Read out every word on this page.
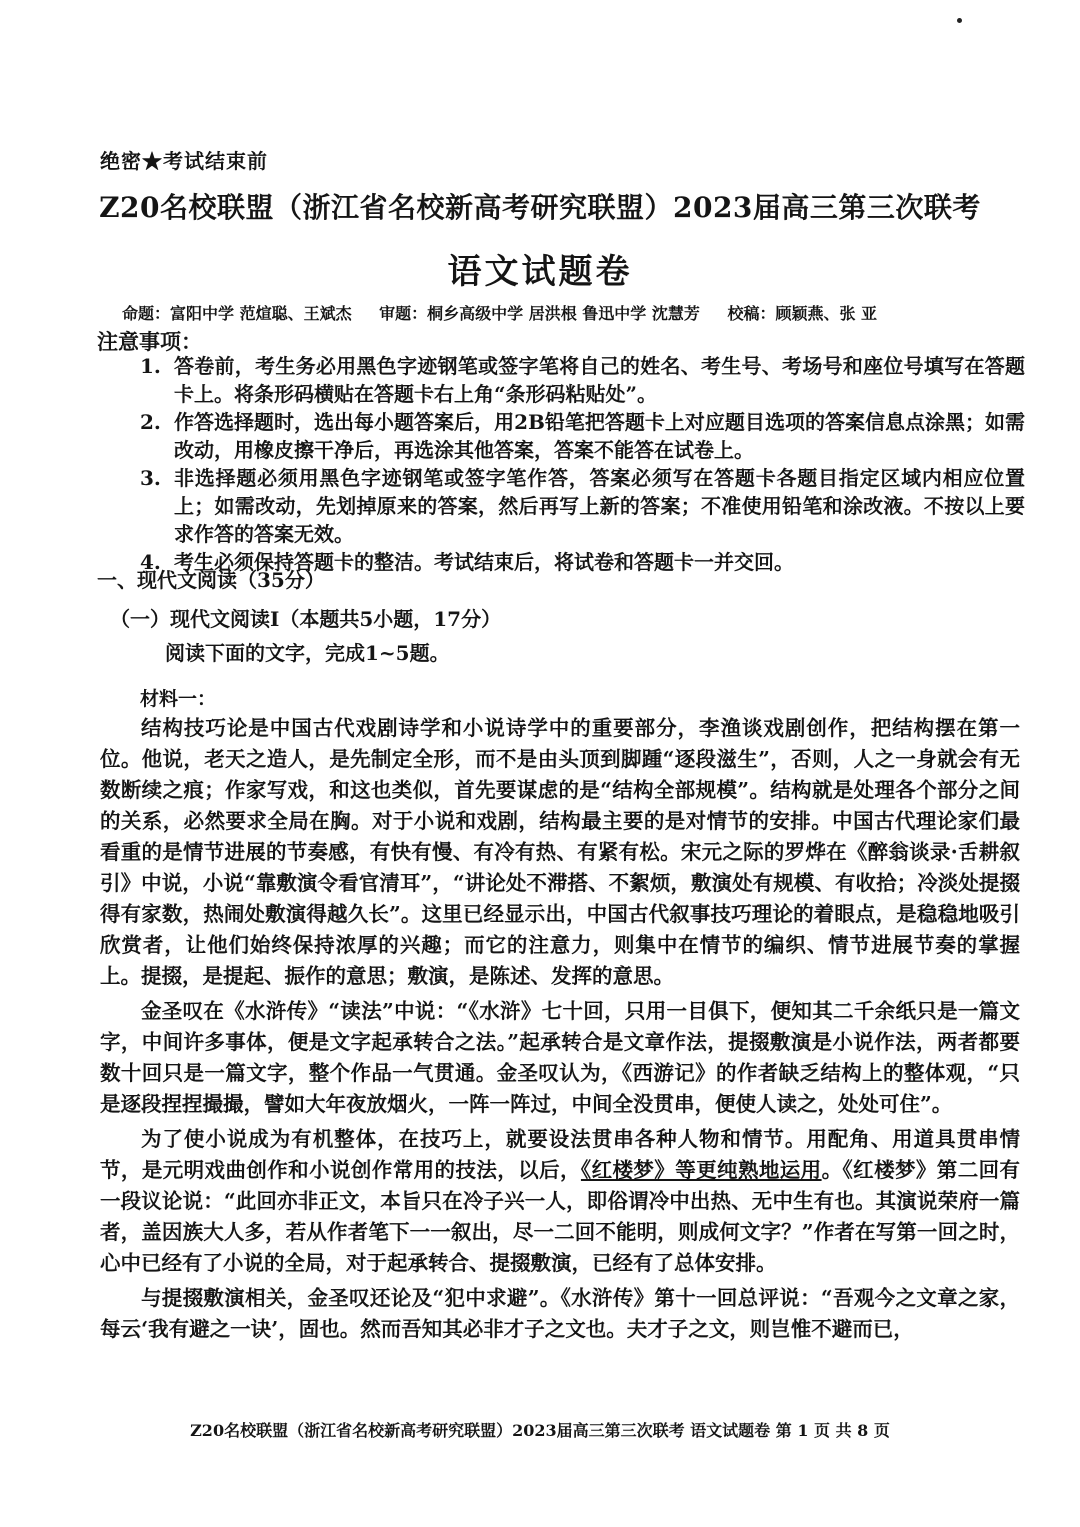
绝密★考试结束前
Z20名校联盟（浙江省名校新高考研究联盟）2023届高三第三次联考
语文试题卷
命题：富阳中学 范煊聪、王斌杰 审题：桐乡高级中学 居洪根 鲁迅中学 沈慧芳 校稿：顾颖燕、张 亚
注意事项：
1. 答卷前，考生务必用黑色字迹钢笔或签字笔将自己的姓名、考生号、考场号和座位号填写在答题卡上。将条形码横贴在答题卡右上角“条形码粘贴处”。
2. 作答选择题时，选出每小题答案后，用2B铅笔把答题卡上对应题目选项的答案信息点涂黑；如需改动，用橡皮擦干净后，再选涂其他答案，答案不能答在试卷上。
3. 非选择题必须用黑色字迹钢笔或签字笔作答，答案必须写在答题卡各题目指定区域内相应位置上；如需改动，先划掉原来的答案，然后再写上新的答案；不准使用铅笔和涂改液。不按以上要求作答的答案无效。
4. 考生必须保持答题卡的整洁。考试结束后，将试卷和答题卡一并交回。
一、现代文阅读（35分）
（一）现代文阅读Ⅰ（本题共5小题，17分）
阅读下面的文字，完成1~5题。
材料一：

结构技巧论是中国古代戏剧诗学和小说诗学中的重要部分，李渔谈戏剧创作，把结构摆在第一位。他说，老天之造人，是先制定全形，而不是由头顶到脚踵“逐段滋生”，否则，人之一身就会有无数断续之痕；作家写戏，和这也类似，首先要谋虑的是“结构全部规模”。结构就是处理各个部分之间的关系，必然要求全局在胸。对于小说和戏剧，结构最主要的是对情节的安排。中国古代理论家们最看重的是情节进展的节奏感，有快有慢、有冷有热、有紧有松。宋元之际的罗烨在《醉翁谈录·舌耕叙引》中说，小说“靠敷演令看官清耳”，“讲论处不滞搭、不絮烦，敷演处有规模、有收拾；冷淡处提掇得有家数，热闹处敷演得越久长”。这里已经显示出，中国古代叙事技巧理论的着眼点，是稳稳地吸引欣赏者，让他们始终保持浓厚的兴趣；而它的注意力，则集中在情节的编织、情节进展节奏的掌握上。提掇，是提起、振作的意思；敷演，是陈述、发挥的意思。

金圣叹在《水浒传》“读法”中说：“《水浒》七十回，只用一目俱下，便知其二千余纸只是一篇文字，中间许多事体，便是文字起承转合之法。”起承转合是文章作法，提掇敷演是小说作法，两者都要数十回只是一篇文字，整个作品一气贯通。金圣叹认为，《西游记》的作者缺乏结构上的整体观，“只是逐段捏捏撮撮，譬如大年夜放烟火，一阵一阵过，中间全没贯串，便使人读之，处处可住”。

为了使小说成为有机整体，在技巧上，就要设法贯串各种人物和情节。用配角、用道具贯串情节，是元明戏曲创作和小说创作常用的技法，以后，《红楼梦》等更纯熟地运用。《红楼梦》第二回有一段议论说：“此回亦非正文，本旨只在冷子兴一人，即俗谓冷中出热、无中生有也。其演说荣府一篇者，盖因族大人多，若从作者笔下一一叙出，尽一二回不能明，则成何文字？”作者在写第一回之时，心中已经有了小说的全局，对于起承转合、提掇敷演，已经有了总体安排。

与提掇敷演相关，金圣叹还论及“犯中求避”。《水浒传》第十一回总评说：“吾观今之文章之家，每云‘我有避之一诀’，固也。然而吾知其必非才子之文也。夫才子之文，则岂惟不避而已，

Z20名校联盟（浙江省名校新高考研究联盟）2023届高三第三次联考 语文试题卷 第 1 页 共 8 页
